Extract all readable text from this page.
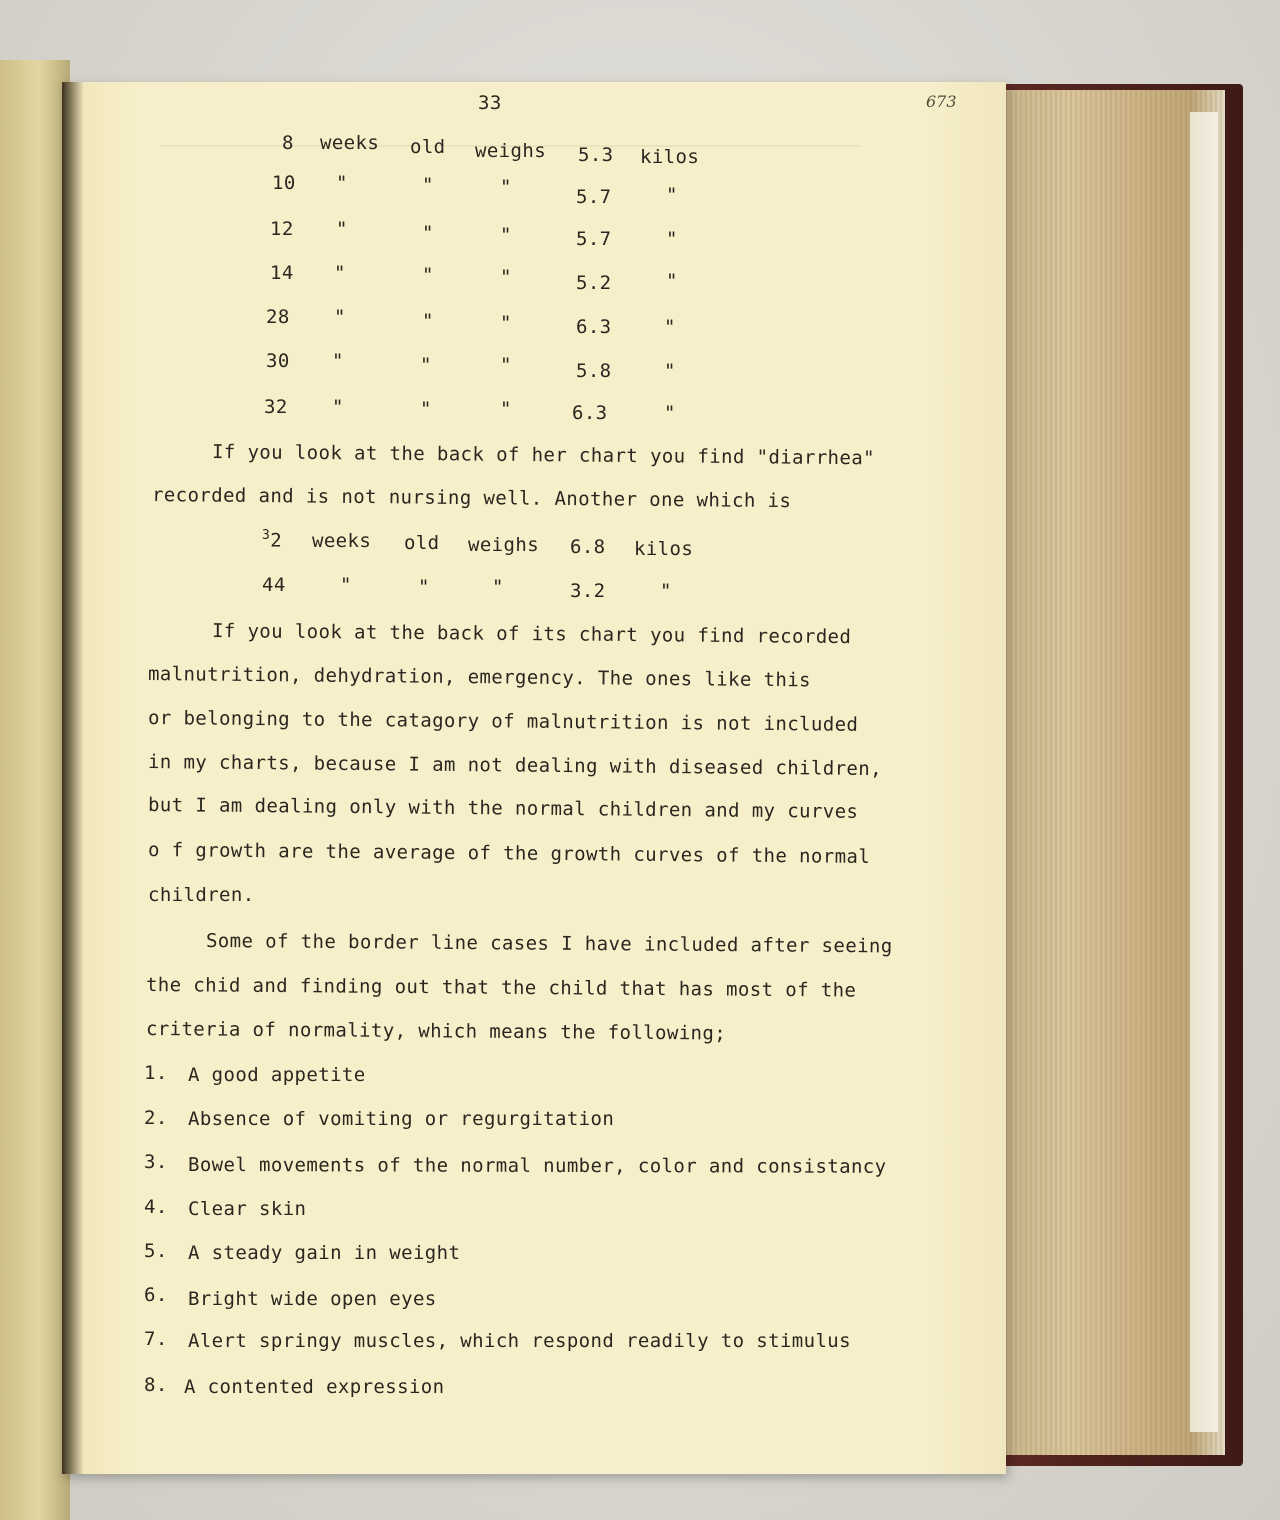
33	673
8 weeks old weighs 5.3 kilos
10 "	"	"	5.7	"
12 "	"	"	5.7	"
14 "	"	"	5.2	"
28 "	"	"	6.3	"
30 "	"	"	5.8	"
32 "	"	"	6.3	"
If you look at the back of her chart you find "diarrhea"
recorded and is not nursing well. Another one which is
$^3$2 weeks old weighs 6.8 kilos
44	"	"	"	3.2	"
If you look at the back of its chart you find recorded
malnutrition, dehydration, emergency. The ones like this
or belonging to the catagory of malnutrition is not included
in my charts, because I am not dealing with diseased children,
but I am dealing only with the normal children and my curves
o f growth are the average of the growth curves of the normal
children.
Some of the border line cases I have included after seeing
the chid and finding out that the child that has most of the
criteria of normality, which means the following;
1. A good appetite
2. Absence of vomiting or regurgitation
3. Bowel movements of the normal number, color and consistancy
4. Clear skin
5. A steady gain in weight
6. Bright wide open eyes
7. Alert springy muscles, which respond readily to stimulus
8. A contented expression
